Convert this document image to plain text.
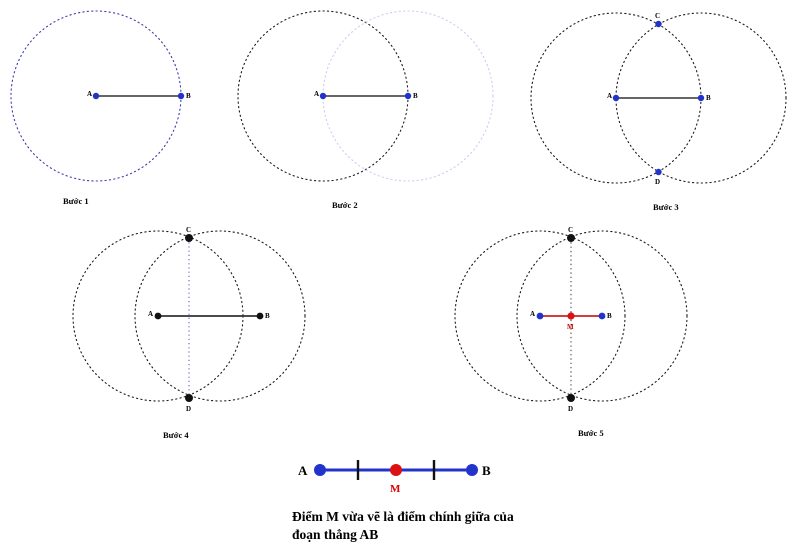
A	B
Bước 1
A	B
Bước 2
A	B
C
D
Bước 3
A	B
C
D
Bước 4
A	B
C
D
M
Bước 5
A	B
M
Điểm M vừa vẽ là điểm chính giữa của
đoạn thẳng AB
